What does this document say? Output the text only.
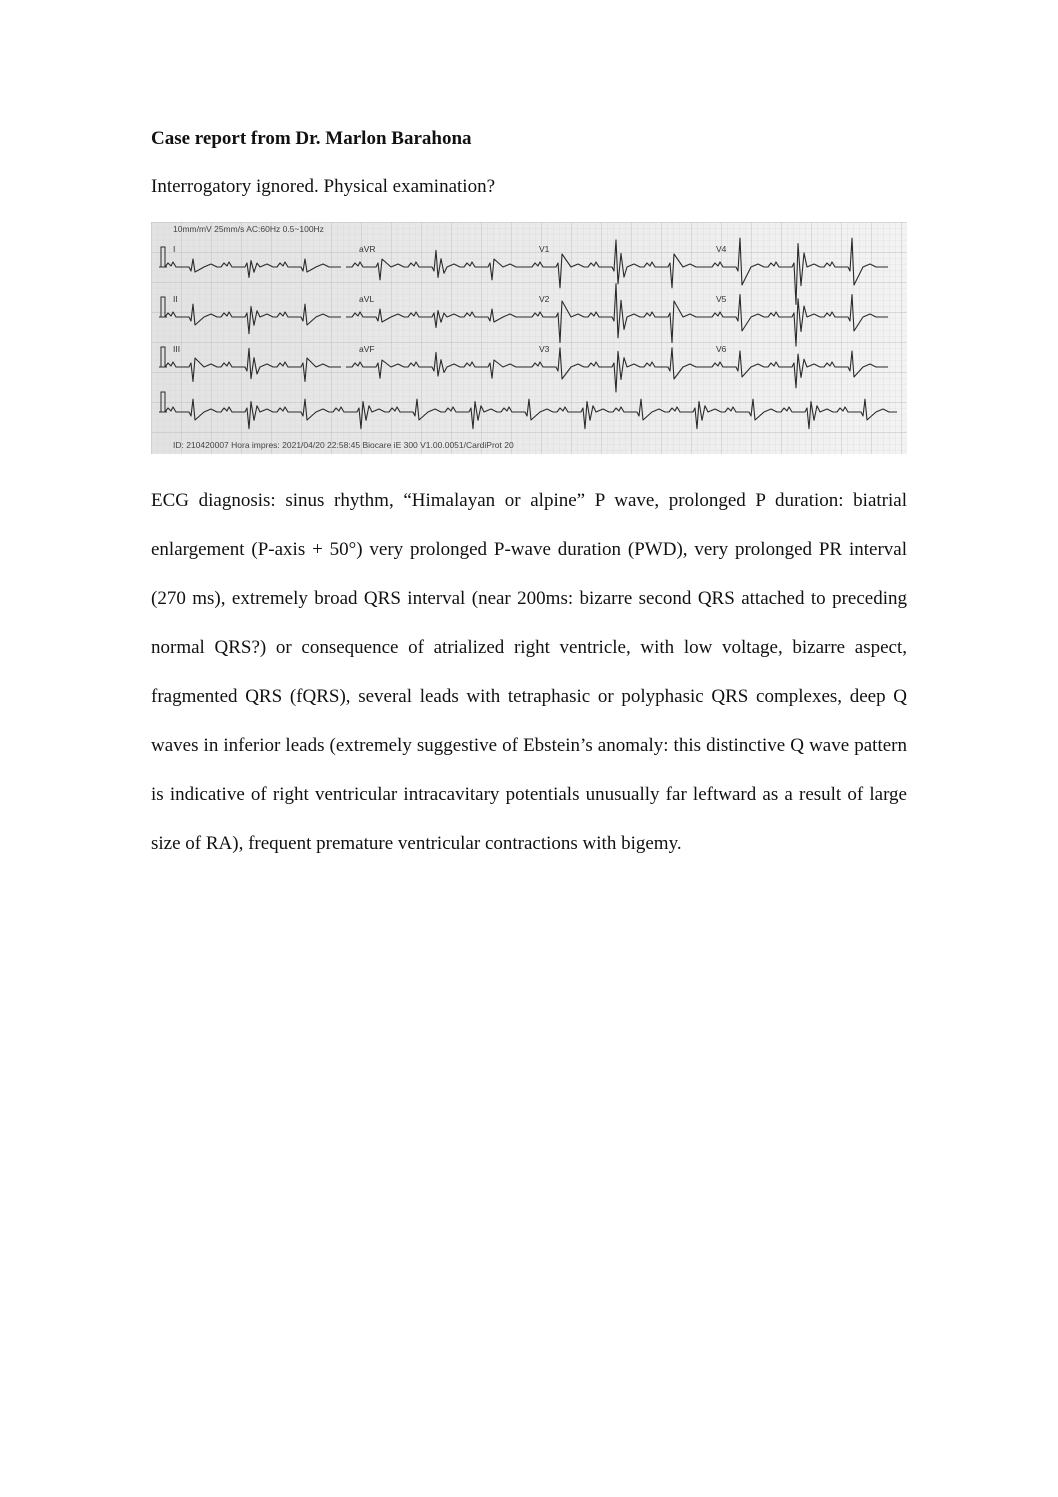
Case report from Dr. Marlon Barahona
Interrogatory ignored. Physical examination?
10mm/mV 25mm/s AC:60Hz 0.5~100Hz
ID: 210420007 Hora impres: 2021/04/20 22:58:45 Biocare iE 300 V1.00.0051/CardiProt 20
I
II
III
aVR
aVL
aVF
V1
V2
V3
V4
V5
V6

ECG diagnosis: sinus rhythm, “Himalayan or alpine” P wave, prolonged P duration: biatrial enlargement (P-axis + 50°) very prolonged P-wave duration (PWD), very prolonged PR interval (270 ms), extremely broad QRS interval (near 200ms: bizarre second QRS attached to preceding normal QRS?) or consequence of atrialized right ventricle, with low voltage, bizarre aspect, fragmented QRS (fQRS), several leads with tetraphasic or polyphasic QRS complexes, deep Q waves in inferior leads (extremely suggestive of Ebstein’s anomaly: this distinctive Q wave pattern is indicative of right ventricular intracavitary potentials unusually far leftward as a result of large size of RA), frequent premature ventricular contractions with bigemy.
